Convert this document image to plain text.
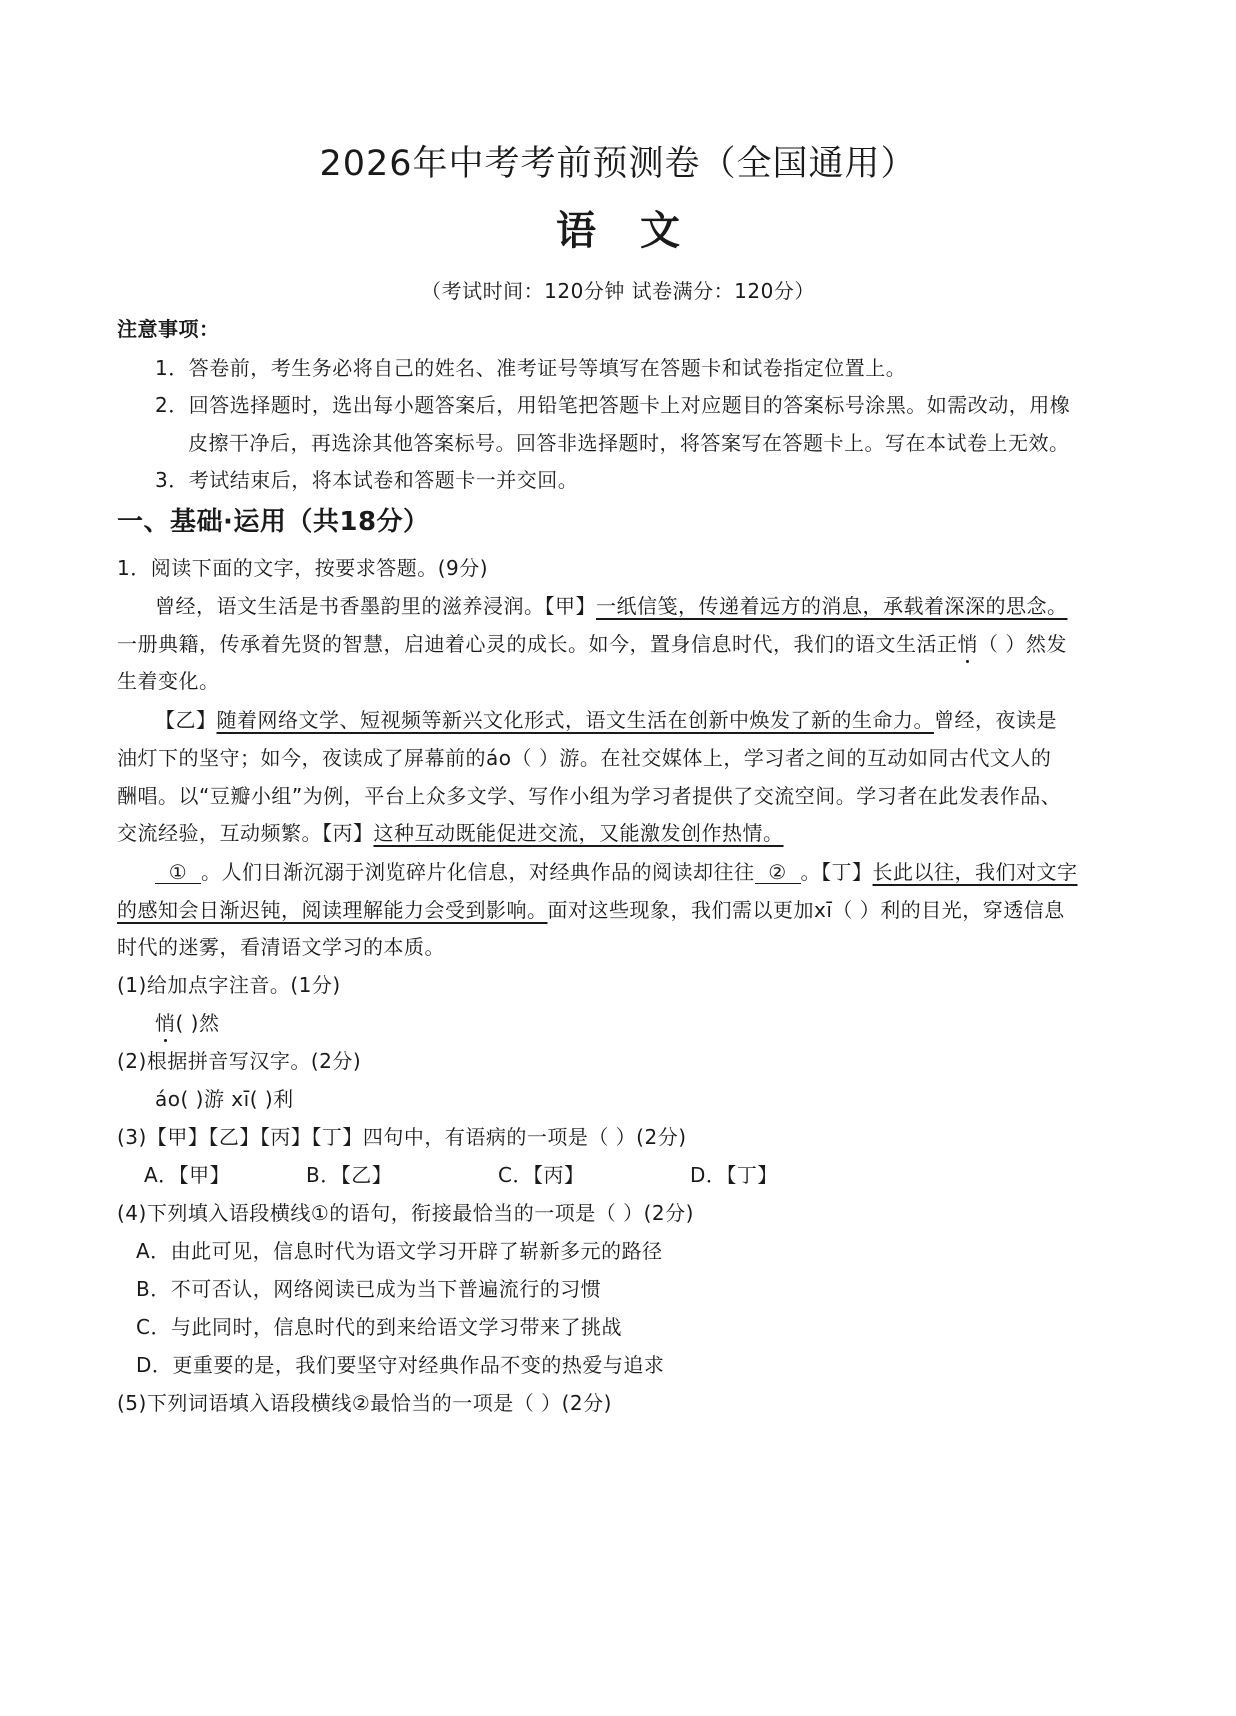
2026年中考考前预测卷（全国通用）
语文
（考试时间：120分钟 试卷满分：120分）
注意事项：
1．答卷前，考生务必将自己的姓名、准考证号等填写在答题卡和试卷指定位置上。
2．回答选择题时，选出每小题答案后，用铅笔把答题卡上对应题目的答案标号涂黑。如需改动，用橡
皮擦干净后，再选涂其他答案标号。回答非选择题时，将答案写在答题卡上。写在本试卷上无效。
3．考试结束后，将本试卷和答题卡一并交回。
一、基础·运用（共18分）
1．阅读下面的文字，按要求答题。(9分)
曾经，语文生活是书香墨韵里的滋养浸润。【甲】一纸信笺，传递着远方的消息，承载着深深的思念。
一册典籍，传承着先贤的智慧，启迪着心灵的成长。如今，置身信息时代，我们的语文生活正悄（ ）然发
生着变化。
【乙】随着网络文学、短视频等新兴文化形式，语文生活在创新中焕发了新的生命力。曾经，夜读是
油灯下的坚守；如今，夜读成了屏幕前的áo（ ）游。在社交媒体上，学习者之间的互动如同古代文人的
酬唱。以“豆瓣小组”为例，平台上众多文学、写作小组为学习者提供了交流空间。学习者在此发表作品、
交流经验，互动频繁。【丙】这种互动既能促进交流，又能激发创作热情。
① 。人们日渐沉溺于浏览碎片化信息，对经典作品的阅读却往往 ② 。【丁】长此以往，我们对文字
的感知会日渐迟钝，阅读理解能力会受到影响。面对这些现象，我们需以更加xī（ ）利的目光，穿透信息
时代的迷雾，看清语文学习的本质。
(1)给加点字注音。(1分)
悄( )然
(2)根据拼音写汉字。(2分)
áo( )游 xī( )利
(3)【甲】【乙】【丙】【丁】四句中，有语病的一项是（ ）(2分)
A．【甲】	B．【乙】	C．【丙】	D．【丁】
(4)下列填入语段横线①的语句，衔接最恰当的一项是（ ）(2分)
A．由此可见，信息时代为语文学习开辟了崭新多元的路径
B．不可否认，网络阅读已成为当下普遍流行的习惯
C．与此同时，信息时代的到来给语文学习带来了挑战
D．更重要的是，我们要坚守对经典作品不变的热爱与追求
(5)下列词语填入语段横线②最恰当的一项是（ ）(2分)
